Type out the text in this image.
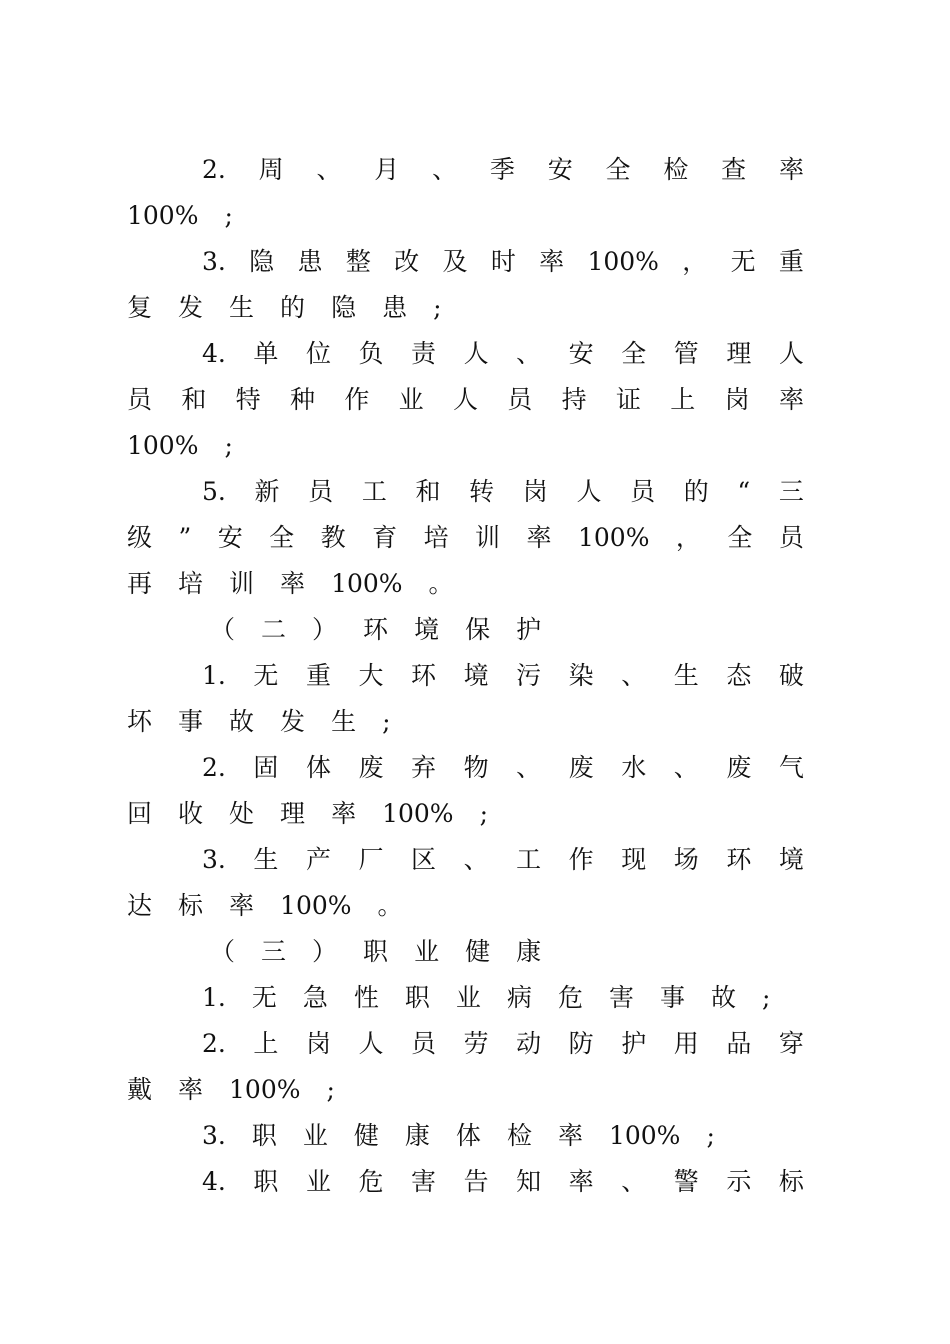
2. 周 、 月 、 季 安 全 检 查 率
100% ;
3. 隐 患 整 改 及 时 率 100% ， 无 重
复 发 生 的 隐 患 ;
4. 单 位 负 责 人 、 安 全 管 理 人
员 和 特 种 作 业 人 员 持 证 上 岗 率
100% ;
5. 新 员 工 和 转 岗 人 员 的 “ 三
级 ” 安 全 教 育 培 训 率 100% ， 全 员
再 培 训 率 100% 。
（ 二 ） 环 境 保 护
1. 无 重 大 环 境 污 染 、 生 态 破
坏 事 故 发 生 ;
2. 固 体 废 弃 物 、 废 水 、 废 气
回 收 处 理 率 100% ;
3. 生 产 厂 区 、 工 作 现 场 环 境
达 标 率 100% 。
（ 三 ） 职 业 健 康
1. 无 急 性 职 业 病 危 害 事 故 ;
2. 上 岗 人 员 劳 动 防 护 用 品 穿
戴 率 100% ;
3. 职 业 健 康 体 检 率 100% ;
4. 职 业 危 害 告 知 率 、 警 示 标
